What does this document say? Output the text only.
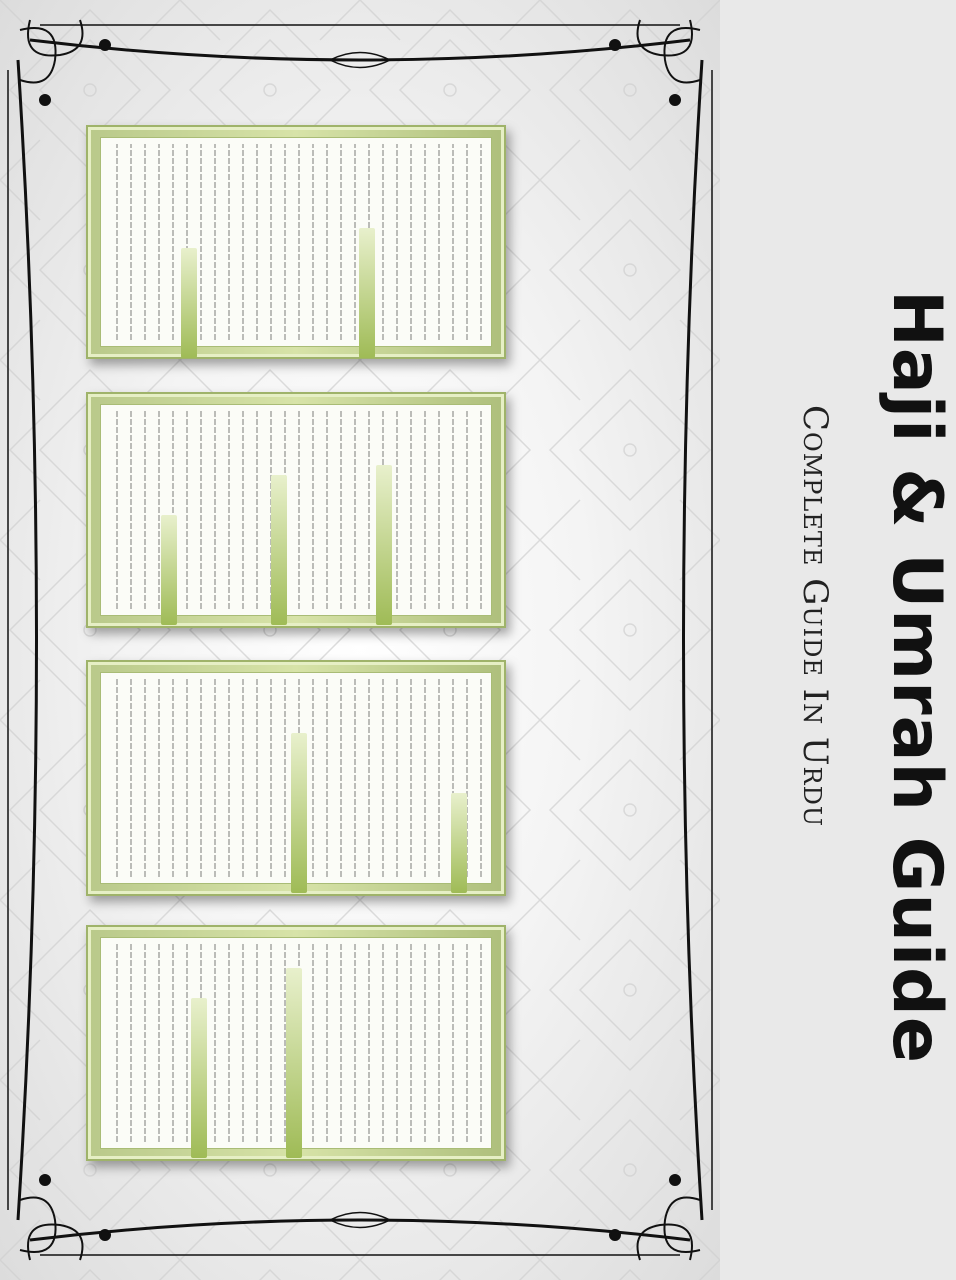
Haji & Umrah Guide
Complete Guide In Urdu
